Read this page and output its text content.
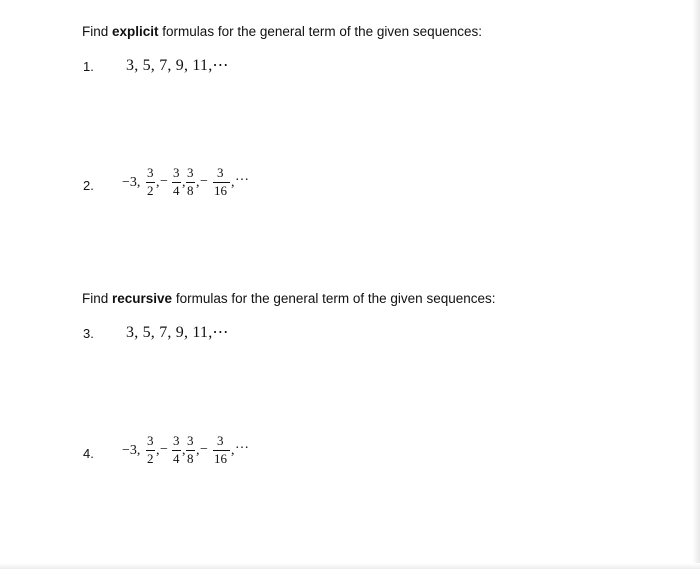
Find explicit formulas for the general term of the given sequences:
1. 3, 5, 7, 9, 11,⋯
2. −3,
3
2
, −
3
4
,
3
8
, −
3
16
, …
Find recursive formulas for the general term of the given sequences:
3. 3, 5, 7, 9, 11,⋯
4. −3,
3
2
, −
3
4
,
3
8
, −
3
16
, …
